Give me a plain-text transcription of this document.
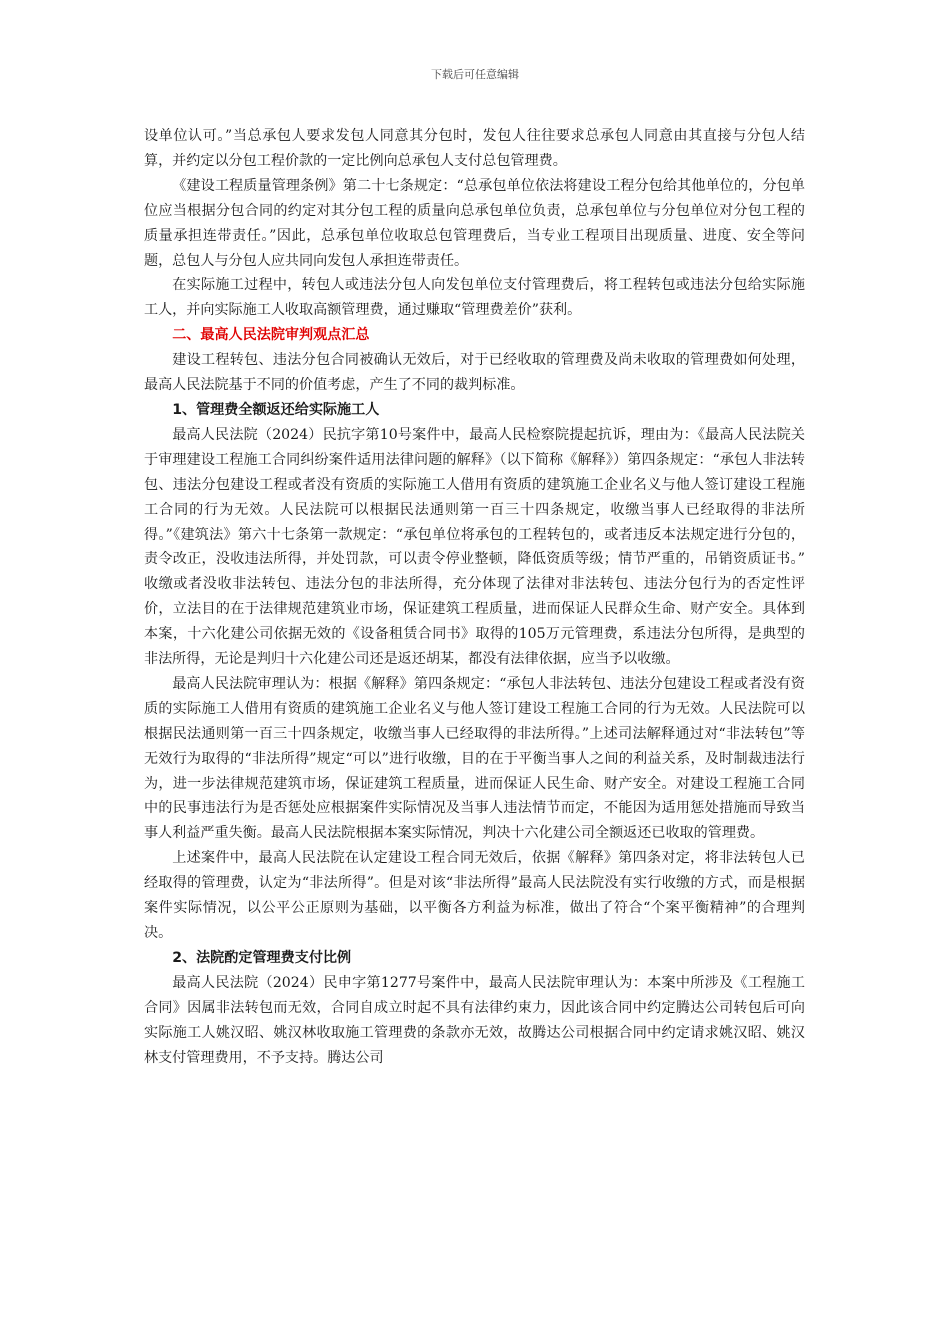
下载后可任意编辑

设单位认可。”当总承包人要求发包人同意其分包时，发包人往往要求总承包人同意由其直接与分包人结算，并约定以分包工程价款的一定比例向总承包人支付总包管理费。

《建设工程质量管理条例》第二十七条规定：“总承包单位依法将建设工程分包给其他单位的，分包单位应当根据分包合同的约定对其分包工程的质量向总承包单位负责，总承包单位与分包单位对分包工程的质量承担连带责任。”因此，总承包单位收取总包管理费后，当专业工程项目出现质量、进度、安全等问题，总包人与分包人应共同向发包人承担连带责任。

在实际施工过程中，转包人或违法分包人向发包单位支付管理费后，将工程转包或违法分包给实际施工人，并向实际施工人收取高额管理费，通过赚取“管理费差价”获利。

二、最高人民法院审判观点汇总

建设工程转包、违法分包合同被确认无效后，对于已经收取的管理费及尚未收取的管理费如何处理，最高人民法院基于不同的价值考虑，产生了不同的裁判标准。

1、管理费全额返还给实际施工人

最高人民法院（2024）民抗字第10号案件中，最高人民检察院提起抗诉，理由为：《最高人民法院关于审理建设工程施工合同纠纷案件适用法律问题的解释》（以下简称《解释》）第四条规定：“承包人非法转包、违法分包建设工程或者没有资质的实际施工人借用有资质的建筑施工企业名义与他人签订建设工程施工合同的行为无效。人民法院可以根据民法通则第一百三十四条规定，收缴当事人已经取得的非法所得。”《建筑法》第六十七条第一款规定：“承包单位将承包的工程转包的，或者违反本法规定进行分包的，责令改正，没收违法所得，并处罚款，可以责令停业整顿，降低资质等级；情节严重的，吊销资质证书。” 收缴或者没收非法转包、违法分包的非法所得，充分体现了法律对非法转包、违法分包行为的否定性评价，立法目的在于法律规范建筑业市场，保证建筑工程质量，进而保证人民群众生命、财产安全。具体到本案，十六化建公司依据无效的《设备租赁合同书》取得的105万元管理费，系违法分包所得，是典型的非法所得，无论是判归十六化建公司还是返还胡某，都没有法律依据，应当予以收缴。

最高人民法院审理认为：根据《解释》第四条规定：“承包人非法转包、违法分包建设工程或者没有资质的实际施工人借用有资质的建筑施工企业名义与他人签订建设工程施工合同的行为无效。人民法院可以根据民法通则第一百三十四条规定，收缴当事人已经取得的非法所得。”上述司法解释通过对“非法转包”等无效行为取得的“非法所得”规定“可以”进行收缴，目的在于平衡当事人之间的利益关系，及时制裁违法行为，进一步法律规范建筑市场，保证建筑工程质量，进而保证人民生命、财产安全。对建设工程施工合同中的民事违法行为是否惩处应根据案件实际情况及当事人违法情节而定，不能因为适用惩处措施而导致当事人利益严重失衡。最高人民法院根据本案实际情况，判决十六化建公司全额返还已收取的管理费。

上述案件中，最高人民法院在认定建设工程合同无效后，依据《解释》第四条对定，将非法转包人已经取得的管理费，认定为“非法所得”。但是对该“非法所得”最高人民法院没有实行收缴的方式，而是根据案件实际情况，以公平公正原则为基础，以平衡各方利益为标准，做出了符合“个案平衡精神”的合理判决。

2、法院酌定管理费支付比例

最高人民法院（2024）民申字第1277号案件中，最高人民法院审理认为：本案中所涉及《工程施工合同》因属非法转包而无效，合同自成立时起不具有法律约束力，因此该合同中约定腾达公司转包后可向实际施工人姚汉昭、姚汉林收取施工管理费的条款亦无效，故腾达公司根据合同中约定请求姚汉昭、姚汉林支付管理费用，不予支持。腾达公司
